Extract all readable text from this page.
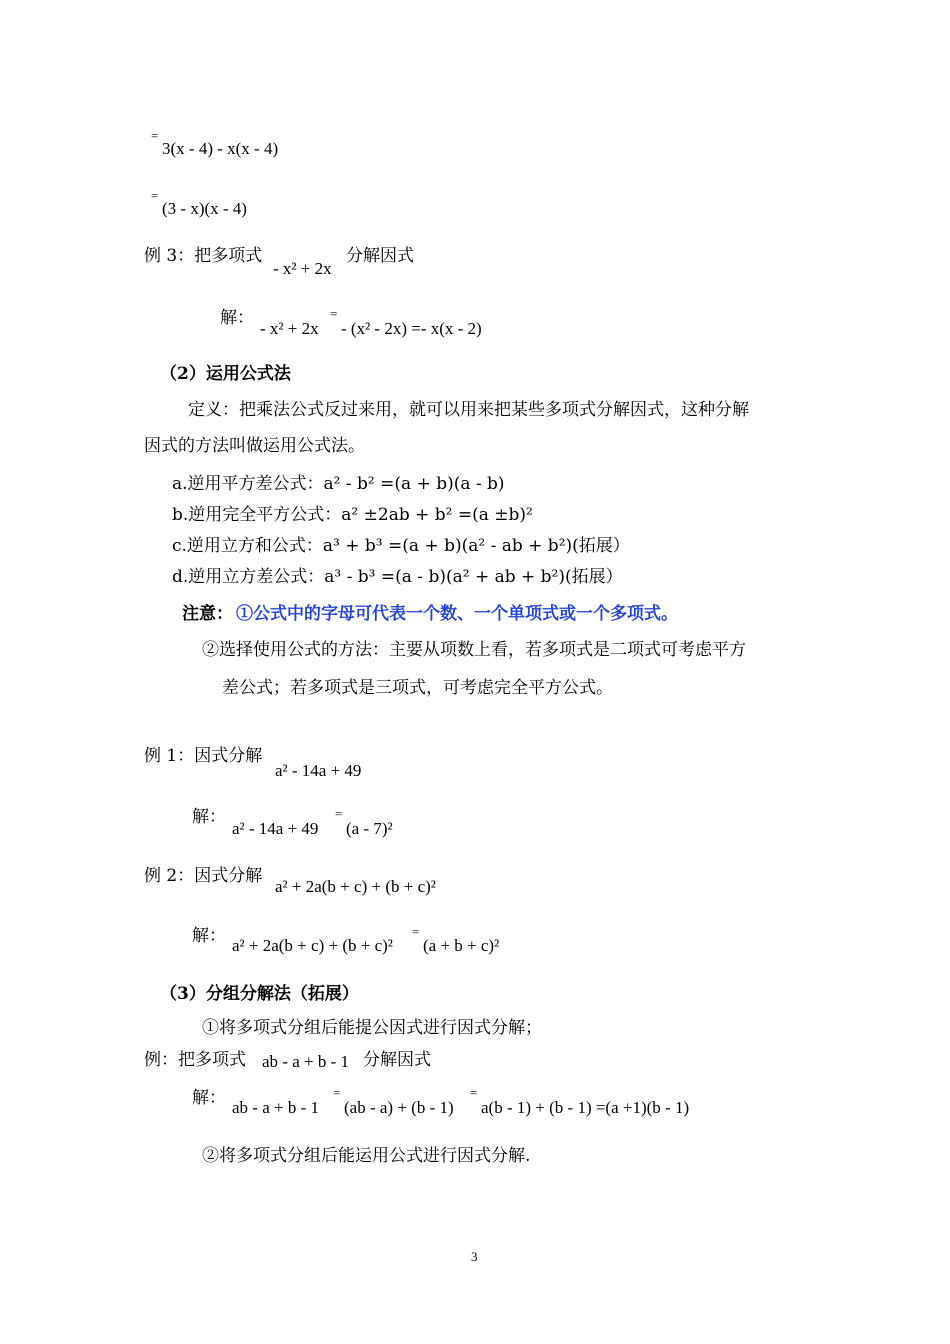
=
3(x - 4) - x(x - 4)
=
(3 - x)(x - 4)
例 3：把多项式
- x² + 2x
分解因式
解：
- x² + 2x
=
- (x² - 2x) =- x(x - 2)
（2）运用公式法
定义：把乘法公式反过来用，就可以用来把某些多项式分解因式，这种分解
因式的方法叫做运用公式法。
a.逆用平方差公式：a² - b² =(a + b)(a - b)
b.逆用完全平方公式：a² ±2ab + b² =(a ±b)²
c.逆用立方和公式：a³ + b³ =(a + b)(a² - ab + b²)(拓展）
d.逆用立方差公式：a³ - b³ =(a - b)(a² + ab + b²)(拓展）
注意： ①公式中的字母可代表一个数、一个单项式或一个多项式。
②选择使用公式的方法：主要从项数上看，若多项式是二项式可考虑平方
差公式；若多项式是三项式，可考虑完全平方公式。
例 1：因式分解
a² - 14a + 49
解：
a² - 14a + 49
=
(a - 7)²
例 2：因式分解
a² + 2a(b + c) + (b + c)²
解： a² + 2a(b + c) + (b + c)²
=
(a + b + c)²
（3）分组分解法（拓展）
①将多项式分组后能提公因式进行因式分解；
例：把多项式 ab - a + b - 1 分解因式
解： ab - a + b - 1
=
(ab - a) + (b - 1)
=
a(b - 1) + (b - 1) =(a +1)(b - 1)
②将多项式分组后能运用公式进行因式分解.
3
